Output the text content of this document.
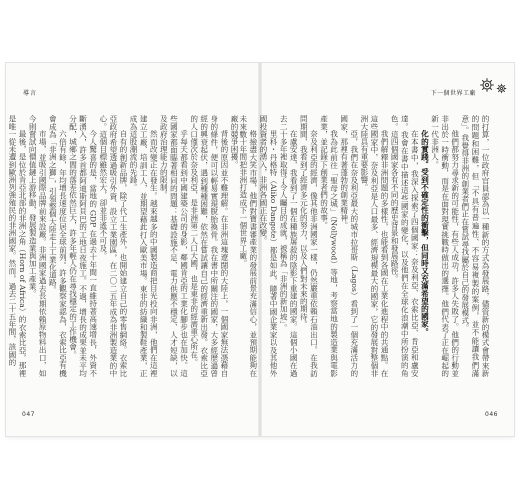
導言

廠的競爭困擾。

背後的原因並不難理解。在非洲這塊遼闊的大陸上，一個國家無法憑藉自身的條件，便可以輕易實現脫胎換骨。我在書中所關注的國家，大多經歷過曾經的興衰起伏，遇到種種困難，依然在嘗試讓自己的經濟重新出發。衣索比亞的人口僅次於奈及利亞，是非洲第二人口大國，也是東非的經濟重心所在。

乎每天都看到中國建築公司的身影，鄰國肯亞的工業化腳步也在加快。這些國家都面臨著相同的問題：基礎設施不足、電力供應不穩定、人才短缺，以及政府治理能力的限制。

然而改變正在發生。越來越多的中國製造商把目光投向非洲，他們在這裡建立工廠、培訓工人，並期望藉此打入歐美市場。東非的紡織和製鞋產業，正成為這股潮流的先鋒。

自有的創新品牌，除了代工生產外，也開始建立自己的零售網絡。衣索比亞政府希望透過吸引外資、設立工業園區，在二〇二五年成為非洲製造業的中心。這個目標雖然宏大，卻並非遙不可及。

今人驚喜的是，當地的 GDP 在過去十年間一直維持著高速增長，外資不斷湧入，許多首都阿迪斯阿貝巴的工地日夜施工。不過，增長的成果並未平均分配，城鄉之間的落差依然巨大，許多年輕人仍在尋找穩定的工作機會。

六倍有餘，年均增長速度位居全球前列。許多觀察家認為，衣索比亞有機會成為「非洲之獅」，引領整個大陸走上工業化道路。

市場，並吸引國際品牌前來設廠。非洲國家過去長期依賴原物料出口，如今則嘗試向價值鏈上游移動，發展製造業與加工產業。

最後，是位於肯亞北部的非洲之角（Horn of Africa）的衣索比亞，那裡是唯一從未遭到歐洲列強殖民的非洲國家。然而，過去二十五年間，該國的

047
下一個世界工廠

的打算，一位政府官員認為以一種新的方式為發展路，儘管新的模式會帶來新的問題和困難，但「不具有普遍性、不容易複製的案例，並不能讓我們滿意」。我覺得非洲的創業者們正在嘗試尋找屬於自己的發展模式。

他們都努力尋求新的可能性，有些人成功，許多人失敗了。他們的行動並非出於一時衝動，而是在面對現實挑戰時做出的選擇。他們代表了正在崛起的新一代非洲人。

化的實踐。受到不確定性的衝擊，但同時又充滿希望的國家。

在本書中，我深入探索了四個國家：奈及利亞、衣索比亞、肯亞和盧安達。我會在書中描述這些國家的變化，以及他們在全球化浪潮中所扮演的角色。這四個國家各有不同的歷史背景和發展路徑。

我們解釋非洲問題的多樣性，也能看到各國在工業化進程中的共通點。在這些國家中，奈及利亞是人口最多、經濟規模最大的國家，它的發展對整個非洲大陸具有重要影響。

亞，我們在奈及利亞最大的城市拉哥斯（Lagos）看到了一個充滿活力的國家，那裡有著蓬勃的創業精神。

我為此前往「聖母之城」（Nollywood）等地，考察當地的製造業與電影產業，並記錄下創業者們的故事。

奈及利亞的經濟，像其他非洲國家一樣，仍然嚴重依賴石油出口。在我訪問期間，我看到了經濟多元化的努力，以及人們對未來的期待。

在盧安達，我看到了一個在種族屠殺的陰影下重建的國家。這個小國在過去二十多年裡取得了令人矚目的成就，被稱為「非洲的新加坡」。

里科・丹格特（Aliko Dangote）都是如此，隨著中國企業家以及其他外國投資者的湧入，非洲各國正在改變。

格撿盡大笑市場，他們對寶書審產業的發展前景充滿信心，並預期能夠在未來數十年間把非洲打造成下一個世界工廠。

046
